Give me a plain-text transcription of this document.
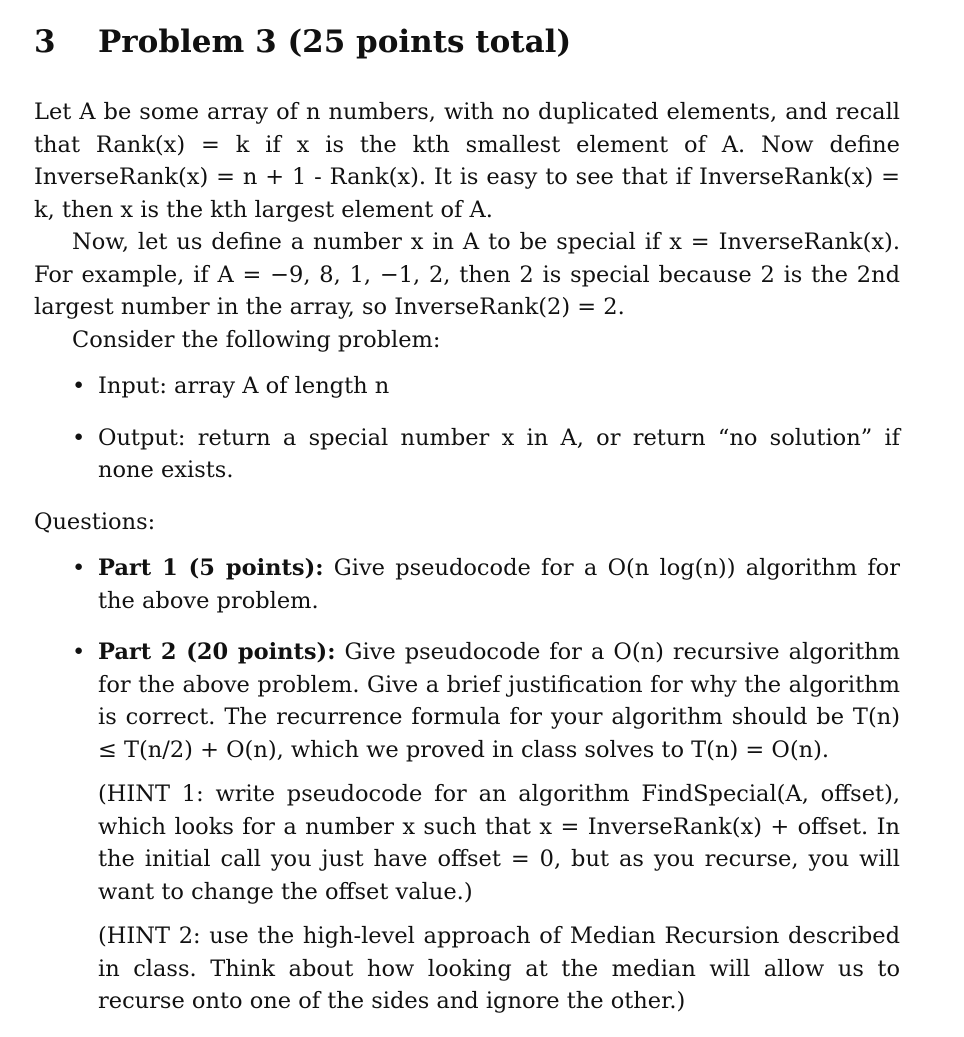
3	Problem 3 (25 points total)

Let A be some array of n numbers, with no duplicated elements, and recall that Rank(x) = k if x is the kth smallest element of A. Now define InverseRank(x) = n + 1 - Rank(x). It is easy to see that if InverseRank(x) = k, then x is the kth largest element of A.

Now, let us define a number x in A to be special if x = InverseRank(x). For example, if A = −9, 8, 1, −1, 2, then 2 is special because 2 is the 2nd largest number in the array, so InverseRank(2) = 2.

Consider the following problem:

• Input: array A of length n
• Output: return a special number x in A, or return “no solution” if none exists.
Questions:
• Part 1 (5 points): Give pseudocode for a O(n log(n)) algorithm for the above problem.
• Part 2 (20 points): Give pseudocode for a O(n) recursive algorithm for the above problem. Give a brief justification for why the algorithm is correct. The recurrence formula for your algorithm should be T(n) ≤ T(n/2) + O(n), which we proved in class solves to T(n) = O(n).
(HINT 1: write pseudocode for an algorithm FindSpecial(A, offset), which looks for a number x such that x = InverseRank(x) + offset. In the initial call you just have offset = 0, but as you recurse, you will want to change the offset value.)
(HINT 2: use the high-level approach of Median Recursion described in class. Think about how looking at the median will allow us to recurse onto one of the sides and ignore the other.)
